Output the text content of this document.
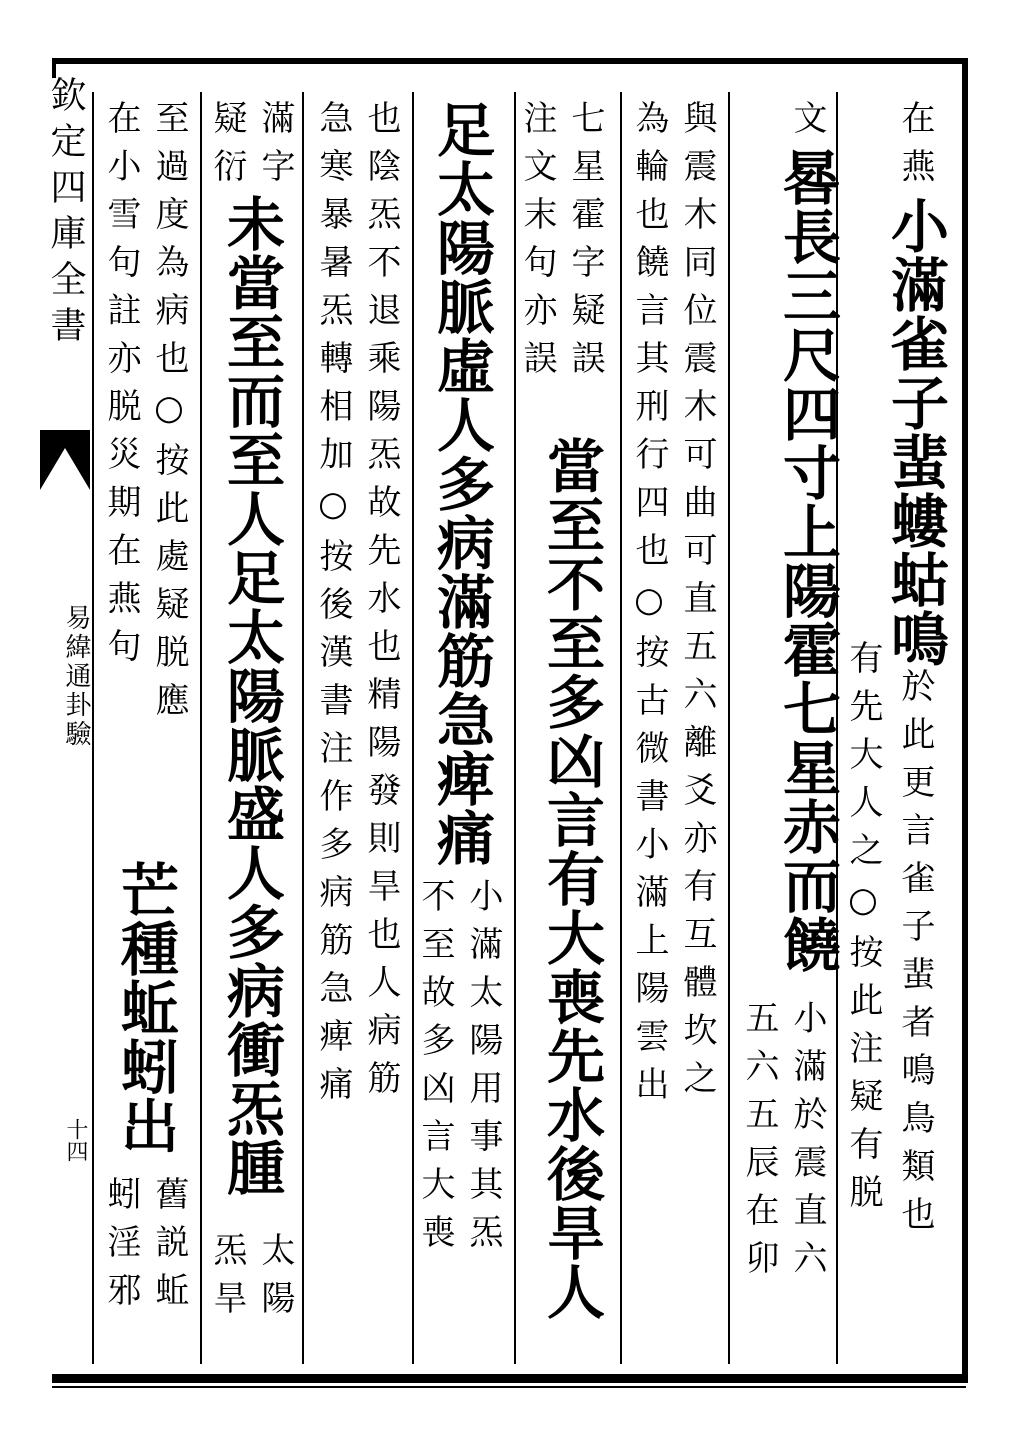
欽定四庫全書
易緯通卦驗
十四
在燕小滿雀子蜚螻蛄鳴於此更言雀子蜚者鳴鳥類也
有先大人之○按此注疑有脱
文晷長三尺四寸上陽霍七星赤而饒
小滿於震直六
五六五辰在卯
與震木同位震木可曲可直五六離爻亦有互體坎之
為輪也饒言其刑行四也○按古微書小滿上陽雲出
七星霍字疑誤
注文末句亦誤
當至不至多凶言有大喪先水後旱人
足太陽脈虛人多病滿筋急痺痛
小滿太陽用事其炁
不至故多凶言大喪
也陰炁不退乘陽炁故先水也精陽發則旱也人病筋
急寒暴暑炁轉相加○按後漢書注作多病筋急痺痛
滿字
疑衍
未當至而至人足太陽脈盛人多病衝炁腫
太陽
炁旱
至過度為病也○按此處疑脱應
在小雪句註亦脱災期在燕句
芒種蚯蚓出
舊説蚯
蚓淫邪
